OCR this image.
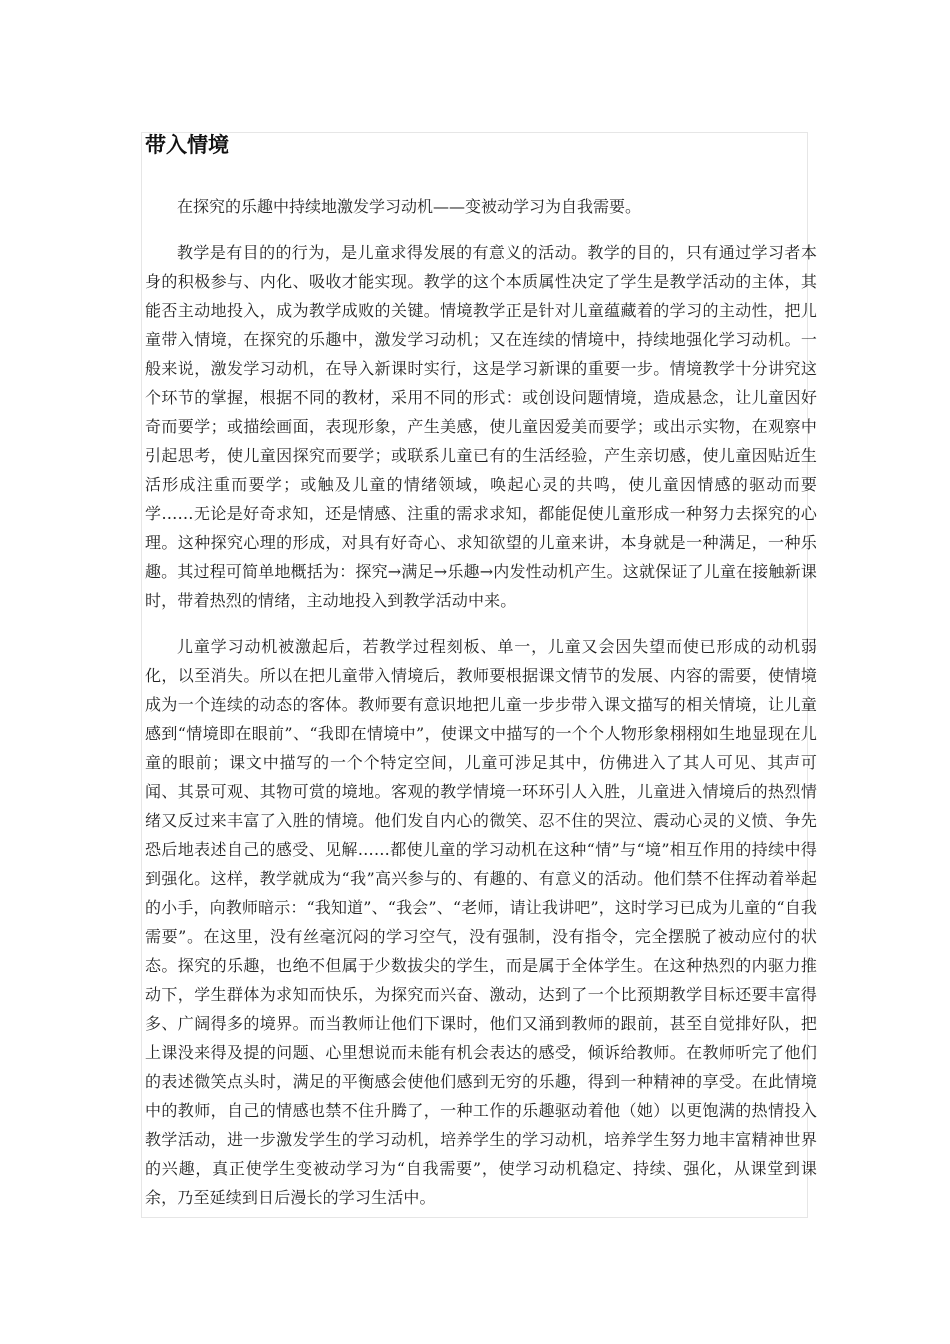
带入情境

在探究的乐趣中持续地激发学习动机——变被动学习为自我需要。

教学是有目的的行为，是儿童求得发展的有意义的活动。教学的目的，只有通过学习者本身的积极参与、内化、吸收才能实现。教学的这个本质属性决定了学生是教学活动的主体，其能否主动地投入，成为教学成败的关键。情境教学正是针对儿童蕴藏着的学习的主动性，把儿童带入情境，在探究的乐趣中，激发学习动机；又在连续的情境中，持续地强化学习动机。一般来说，激发学习动机，在导入新课时实行，这是学习新课的重要一步。情境教学十分讲究这个环节的掌握，根据不同的教材，采用不同的形式：或创设问题情境，造成悬念，让儿童因好奇而要学；或描绘画面，表现形象，产生美感，使儿童因爱美而要学；或出示实物，在观察中引起思考，使儿童因探究而要学；或联系儿童已有的生活经验，产生亲切感，使儿童因贴近生活形成注重而要学；或触及儿童的情绪领域，唤起心灵的共鸣，使儿童因情感的驱动而要学……无论是好奇求知，还是情感、注重的需求求知，都能促使儿童形成一种努力去探究的心理。这种探究心理的形成，对具有好奇心、求知欲望的儿童来讲，本身就是一种满足，一种乐趣。其过程可简单地概括为：探究→满足→乐趣→内发性动机产生。这就保证了儿童在接触新课时，带着热烈的情绪，主动地投入到教学活动中来。

儿童学习动机被激起后，若教学过程刻板、单一，儿童又会因失望而使已形成的动机弱化，以至消失。所以在把儿童带入情境后，教师要根据课文情节的发展、内容的需要，使情境成为一个连续的动态的客体。教师要有意识地把儿童一步步带入课文描写的相关情境，让儿童感到“情境即在眼前”、“我即在情境中”，使课文中描写的一个个人物形象栩栩如生地显现在儿童的眼前；课文中描写的一个个特定空间，儿童可涉足其中，仿佛进入了其人可见、其声可闻、其景可观、其物可赏的境地。客观的教学情境一环环引人入胜，儿童进入情境后的热烈情绪又反过来丰富了入胜的情境。他们发自内心的微笑、忍不住的哭泣、震动心灵的义愤、争先恐后地表述自己的感受、见解……都使儿童的学习动机在这种“情”与“境”相互作用的持续中得到强化。这样，教学就成为“我”高兴参与的、有趣的、有意义的活动。他们禁不住挥动着举起的小手，向教师暗示：“我知道”、“我会”、“老师，请让我讲吧”，这时学习已成为儿童的“自我需要”。在这里，没有丝毫沉闷的学习空气，没有强制，没有指令，完全摆脱了被动应付的状态。探究的乐趣，也绝不但属于少数拔尖的学生，而是属于全体学生。在这种热烈的内驱力推动下，学生群体为求知而快乐，为探究而兴奋、激动，达到了一个比预期教学目标还要丰富得多、广阔得多的境界。而当教师让他们下课时，他们又涌到教师的跟前，甚至自觉排好队，把上课没来得及提的问题、心里想说而未能有机会表达的感受，倾诉给教师。在教师听完了他们的表述微笑点头时，满足的平衡感会使他们感到无穷的乐趣，得到一种精神的享受。在此情境中的教师，自己的情感也禁不住升腾了，一种工作的乐趣驱动着他（她）以更饱满的热情投入教学活动，进一步激发学生的学习动机，培养学生的学习动机，培养学生努力地丰富精神世界的兴趣，真正使学生变被动学习为“自我需要”，使学习动机稳定、持续、强化，从课堂到课余，乃至延续到日后漫长的学习生活中。
